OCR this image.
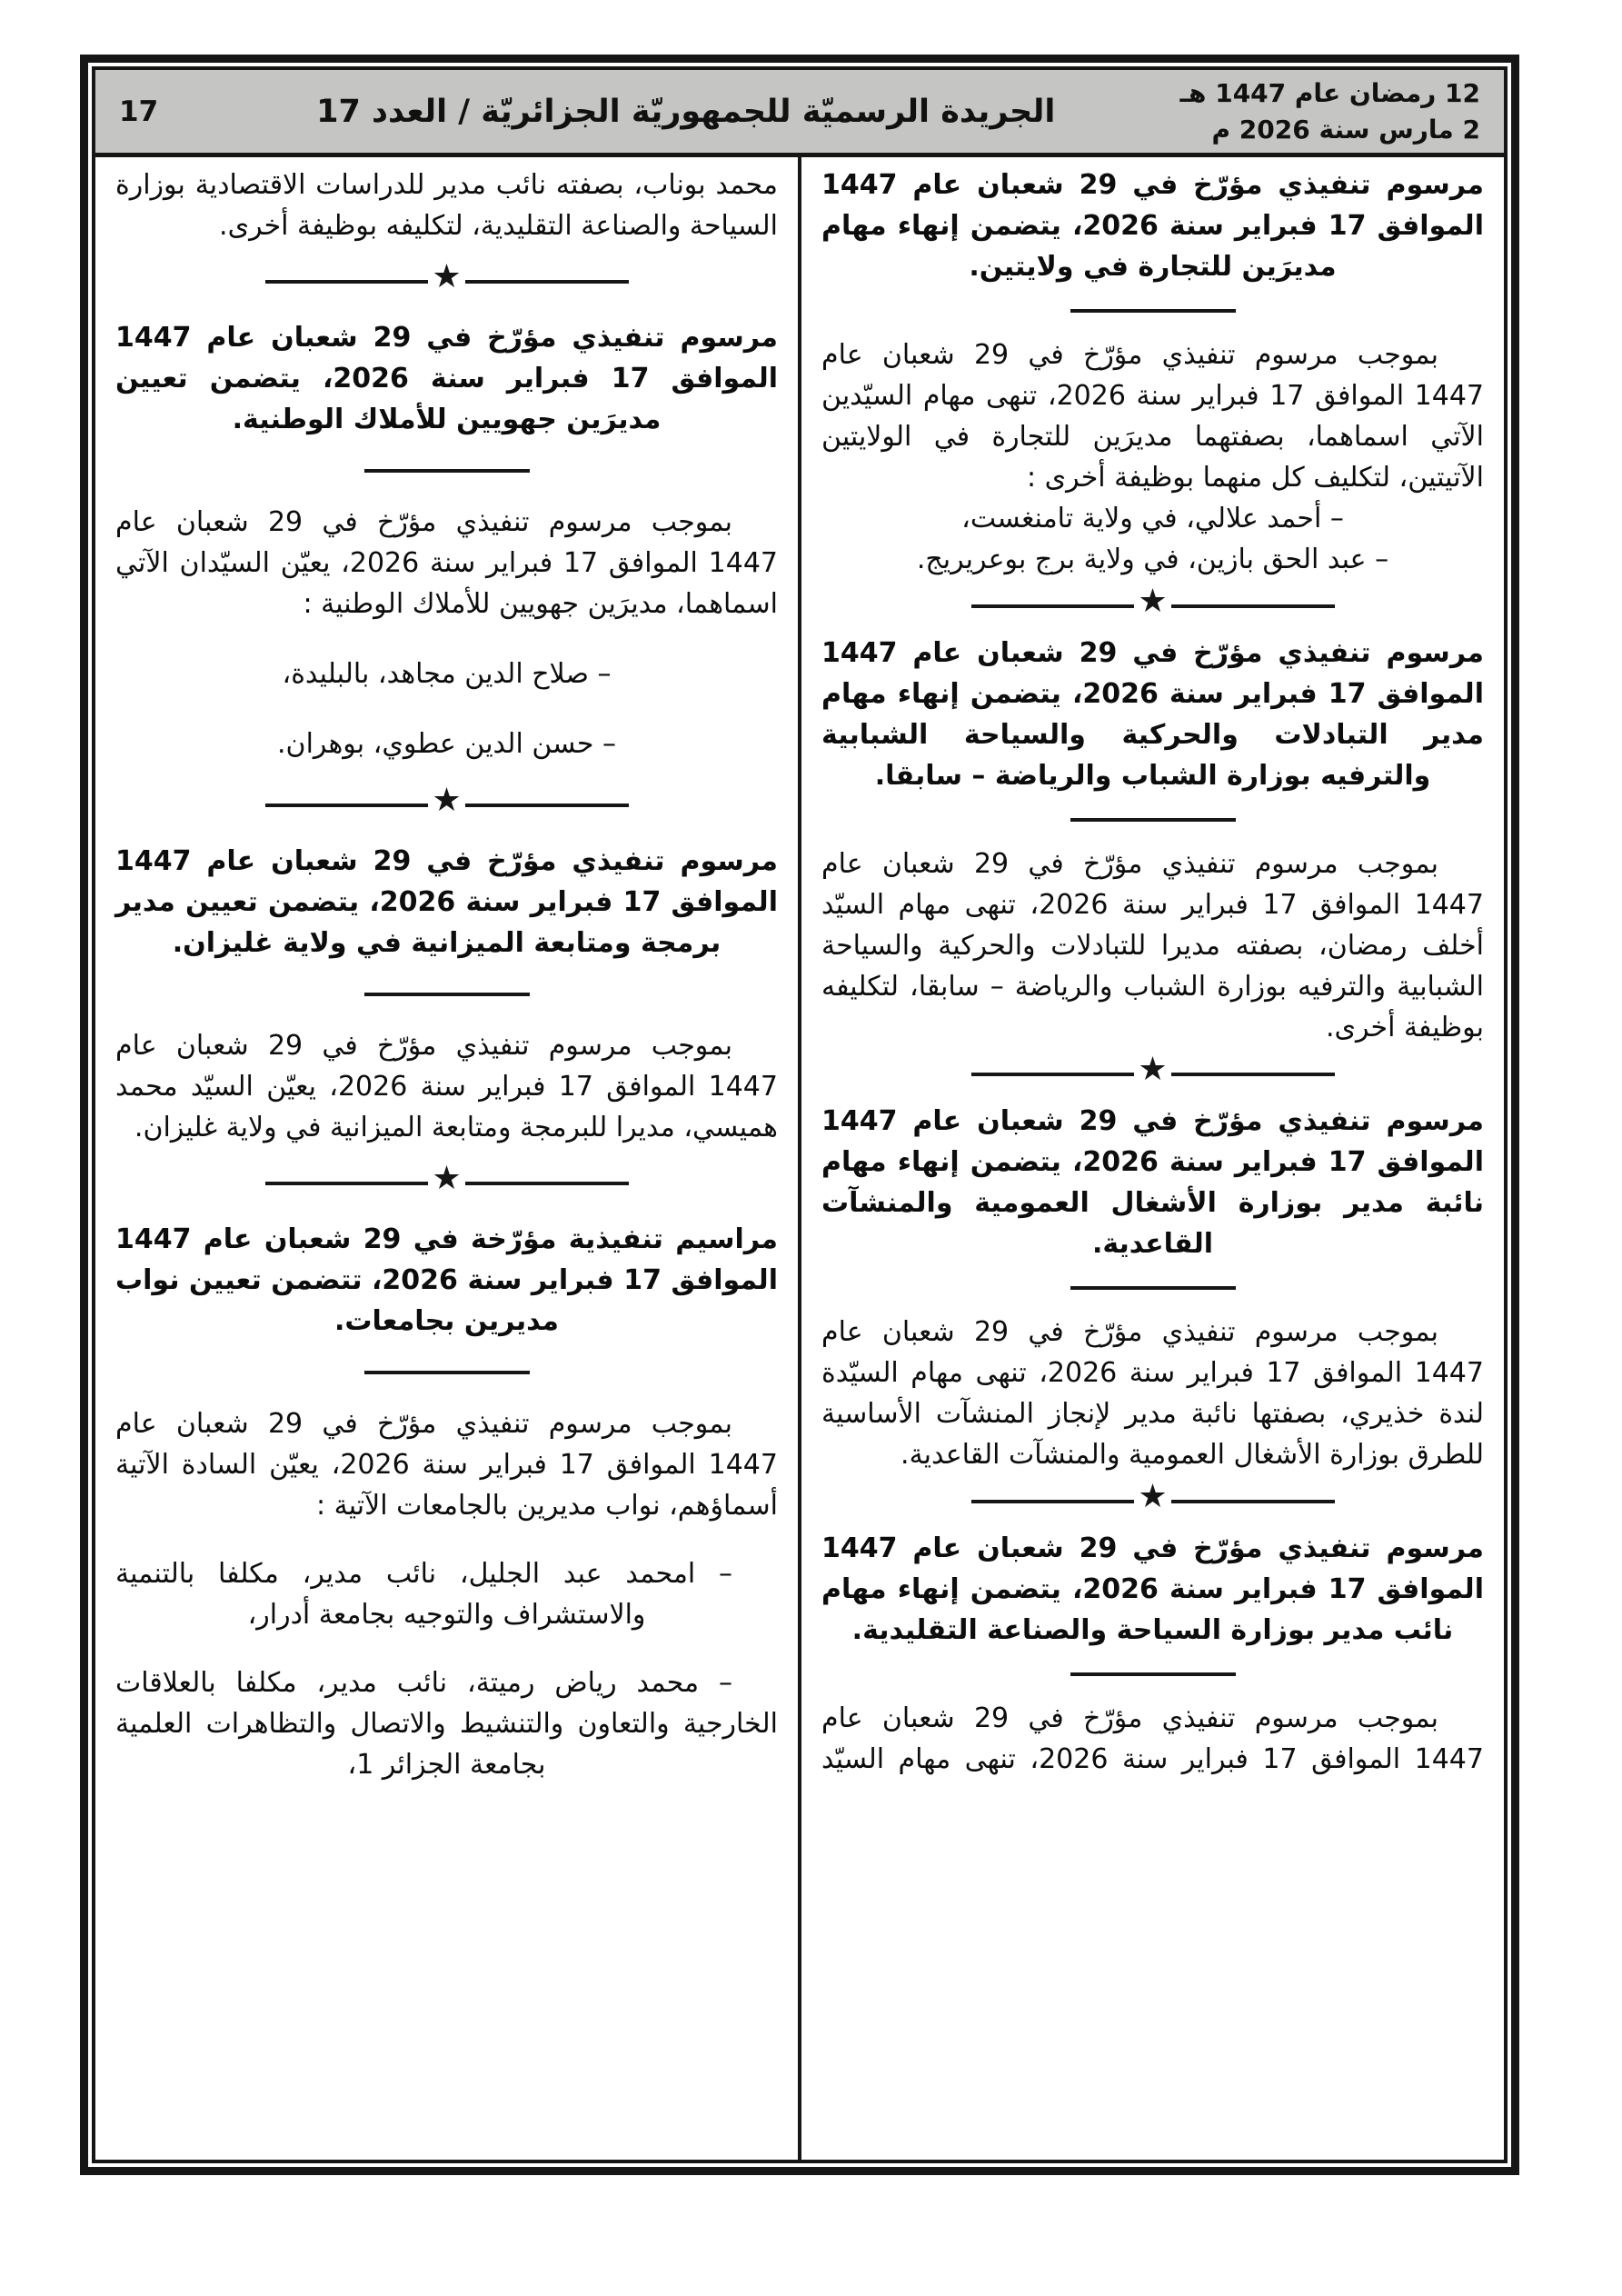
12 رمضان عام 1447 هـ
2 مارس سنة 2026 م
الجريدة الرسميّة للجمهوريّة الجزائريّة / العدد 17
17

مرسوم تنفيذي مؤرّخ في 29 شعبان عام 1447 الموافق 17 فبراير سنة 2026، يتضمن إنهاء مهام مديرَين للتجارة في ولايتين.

بموجب مرسوم تنفيذي مؤرّخ في 29 شعبان عام 1447 الموافق 17 فبراير سنة 2026، تنهى مهام السيّدين الآتي اسماهما، بصفتهما مديرَين للتجارة في الولايتين الآتيتين، لتكليف كل منهما بوظيفة أخرى :

– أحمد علالي، في ولاية تامنغست،

– عبد الحق بازين، في ولاية برج بوعريريج.

★

مرسوم تنفيذي مؤرّخ في 29 شعبان عام 1447 الموافق 17 فبراير سنة 2026، يتضمن إنهاء مهام مدير التبادلات والحركية والسياحة الشبابية والترفيه بوزارة الشباب والرياضة – سابقا.

بموجب مرسوم تنفيذي مؤرّخ في 29 شعبان عام 1447 الموافق 17 فبراير سنة 2026، تنهى مهام السيّد أخلف رمضان، بصفته مديرا للتبادلات والحركية والسياحة الشبابية والترفيه بوزارة الشباب والرياضة – سابقا، لتكليفه بوظيفة أخرى.

★

مرسوم تنفيذي مؤرّخ في 29 شعبان عام 1447 الموافق 17 فبراير سنة 2026، يتضمن إنهاء مهام نائبة مدير بوزارة الأشغال العمومية والمنشآت القاعدية.

بموجب مرسوم تنفيذي مؤرّخ في 29 شعبان عام 1447 الموافق 17 فبراير سنة 2026، تنهى مهام السيّدة لندة خذيري، بصفتها نائبة مدير لإنجاز المنشآت الأساسية للطرق بوزارة الأشغال العمومية والمنشآت القاعدية.

★

مرسوم تنفيذي مؤرّخ في 29 شعبان عام 1447 الموافق 17 فبراير سنة 2026، يتضمن إنهاء مهام نائب مدير بوزارة السياحة والصناعة التقليدية.

بموجب مرسوم تنفيذي مؤرّخ في 29 شعبان عام 1447 الموافق 17 فبراير سنة 2026، تنهى مهام السيّد

محمد بوناب، بصفته نائب مدير للدراسات الاقتصادية بوزارة السياحة والصناعة التقليدية، لتكليفه بوظيفة أخرى.

★

مرسوم تنفيذي مؤرّخ في 29 شعبان عام 1447 الموافق 17 فبراير سنة 2026، يتضمن تعيين مديرَين جهويين للأملاك الوطنية.

بموجب مرسوم تنفيذي مؤرّخ في 29 شعبان عام 1447 الموافق 17 فبراير سنة 2026، يعيّن السيّدان الآتي اسماهما، مديرَين جهويين للأملاك الوطنية :

– صلاح الدين مجاهد، بالبليدة،

– حسن الدين عطوي، بوهران.

★

مرسوم تنفيذي مؤرّخ في 29 شعبان عام 1447 الموافق 17 فبراير سنة 2026، يتضمن تعيين مدير برمجة ومتابعة الميزانية في ولاية غليزان.

بموجب مرسوم تنفيذي مؤرّخ في 29 شعبان عام 1447 الموافق 17 فبراير سنة 2026، يعيّن السيّد محمد هميسي، مديرا للبرمجة ومتابعة الميزانية في ولاية غليزان.

★

مراسيم تنفيذية مؤرّخة في 29 شعبان عام 1447 الموافق 17 فبراير سنة 2026، تتضمن تعيين نواب مديرين بجامعات.

بموجب مرسوم تنفيذي مؤرّخ في 29 شعبان عام 1447 الموافق 17 فبراير سنة 2026، يعيّن السادة الآتية أسماؤهم، نواب مديرين بالجامعات الآتية :

– امحمد عبد الجليل، نائب مدير، مكلفا بالتنمية والاستشراف والتوجيه بجامعة أدرار،

– محمد رياض رميتة، نائب مدير، مكلفا بالعلاقات الخارجية والتعاون والتنشيط والاتصال والتظاهرات العلمية بجامعة الجزائر 1،
